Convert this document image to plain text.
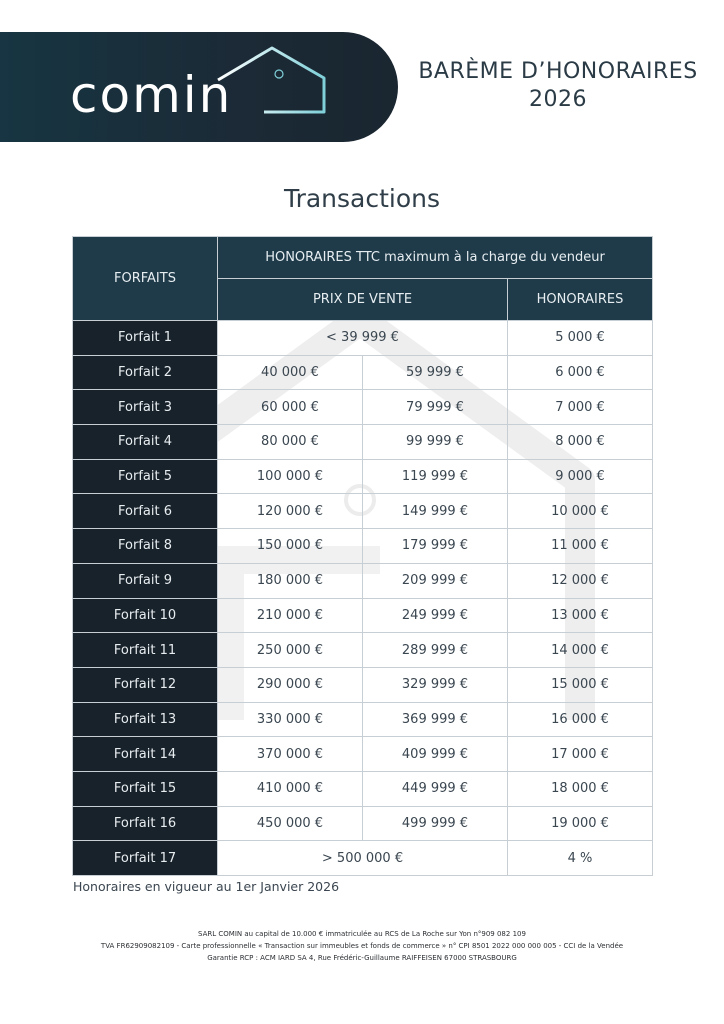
comin	BARÈME D’HONORAIRES
2026
Transactions
FORFAITS	HONORAIRES TTC maximum à la charge du vendeur		
	PRIX DE VENTE		HONORAIRES
Forfait 1	< 39 999 €		5 000 €
Forfait 2	40 000 €	59 999 €	6 000 €
Forfait 3	60 000 €	79 999 €	7 000 €
Forfait 4	80 000 €	99 999 €	8 000 €
Forfait 5	100 000 €	119 999 €	9 000 €
Forfait 6	120 000 €	149 999 €	10 000 €
Forfait 8	150 000 €	179 999 €	11 000 €
Forfait 9	180 000 €	209 999 €	12 000 €
Forfait 10	210 000 €	249 999 €	13 000 €
Forfait 11	250 000 €	289 999 €	14 000 €
Forfait 12	290 000 €	329 999 €	15 000 €
Forfait 13	330 000 €	369 999 €	16 000 €
Forfait 14	370 000 €	409 999 €	17 000 €
Forfait 15	410 000 €	449 999 €	18 000 €
Forfait 16	450 000 €	499 999 €	19 000 €
Forfait 17	> 500 000 €		4 %
Honoraires en vigueur au 1er Janvier 2026
SARL COMIN au capital de 10.000 € immatriculée au RCS de La Roche sur Yon n°909 082 109
TVA FR62909082109 - Carte professionnelle « Transaction sur immeubles et fonds de commerce » n° CPI 8501 2022 000 000 005 - CCI de la Vendée
Garantie RCP : ACM IARD SA 4, Rue Frédéric-Guillaume RAIFFEISEN 67000 STRASBOURG
